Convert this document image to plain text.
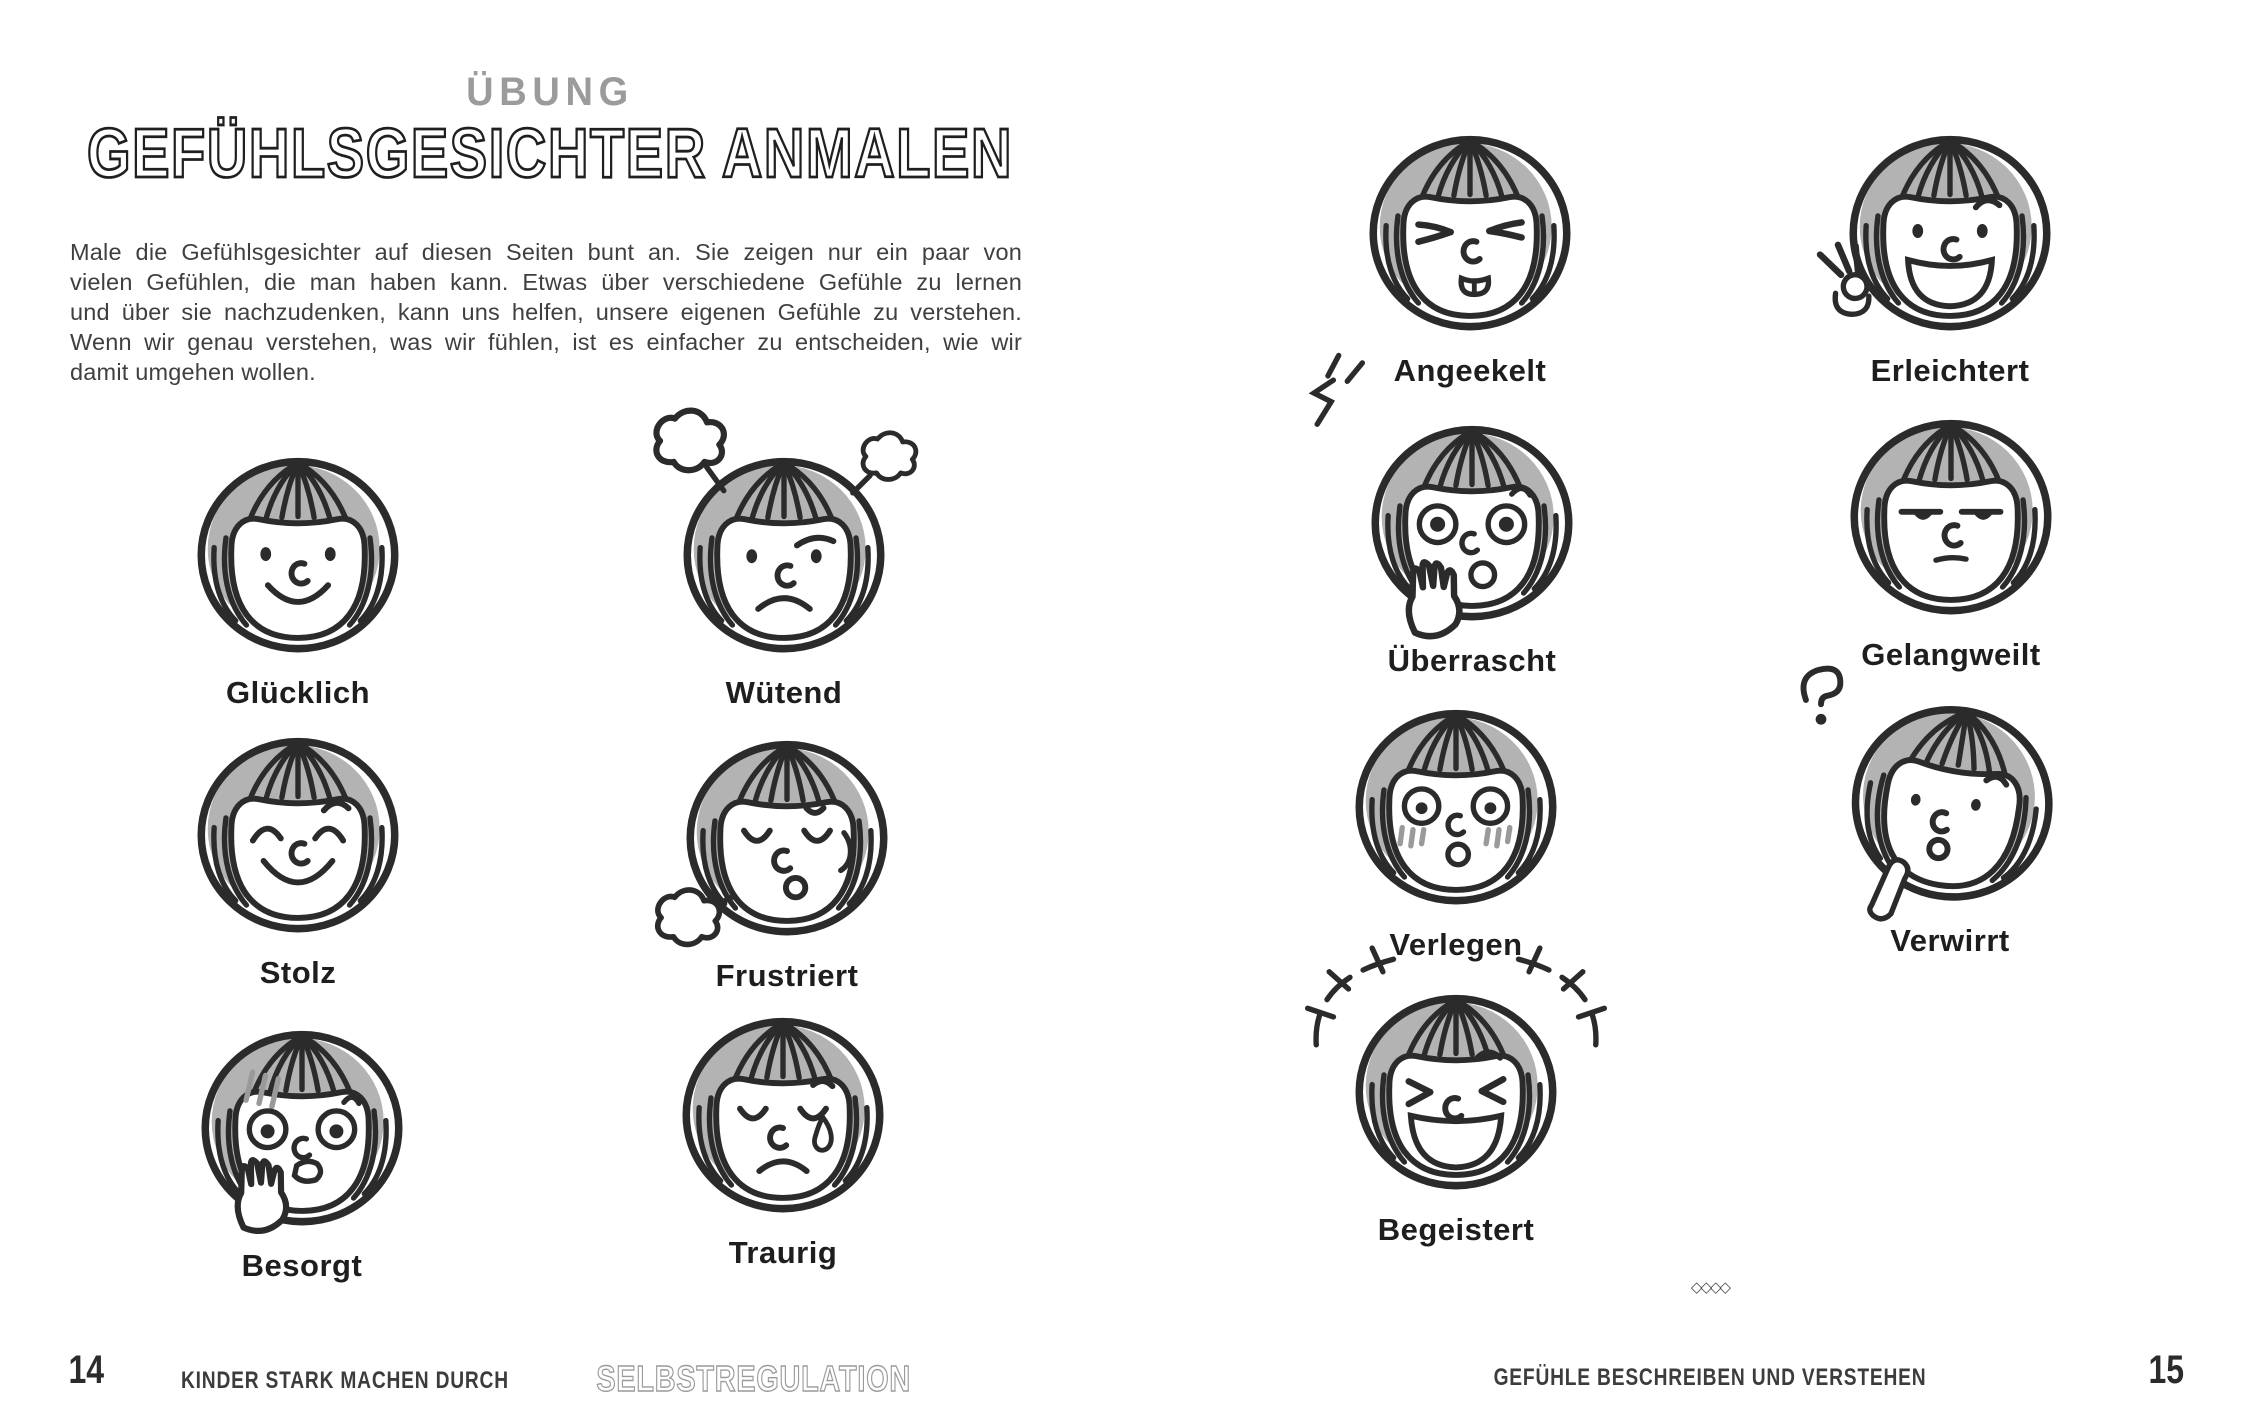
ÜBUNG
GEFÜHLSGESICHTER ANMALEN
Male die Gefühlsgesichter auf diesen Seiten bunt an. Sie zeigen nur ein paar von
vielen Gefühlen, die man haben kann. Etwas über verschiedene Gefühle zu lernen
und über sie nachzudenken, kann uns helfen, unsere eigenen Gefühle zu verstehen.
Wenn wir genau verstehen, was wir fühlen, ist es einfacher zu entscheiden, wie wir
damit umgehen wollen.
Glücklich	Wütend
Stolz	Frustriert
Besorgt	Traurig
Angeekelt	Erleichtert
Überrascht	Gelangweilt
Verlegen	Verwirrt
Begeistert
◇◇◇◇
14	KINDER STARK MACHEN DURCH SELBSTREGULATION	GEFÜHLE BESCHREIBEN UND VERSTEHEN	15
